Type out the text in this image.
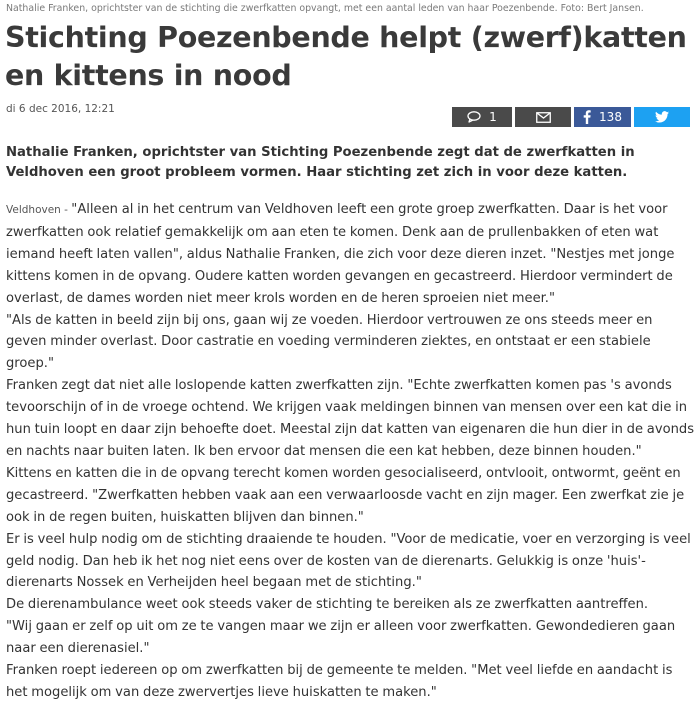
Nathalie Franken, oprichtster van de stichting die zwerfkatten opvangt, met een aantal leden van haar Poezenbende. Foto: Bert Jansen.
Stichting Poezenbende helpt (zwerf)katten en kittens in nood
di 6 dec 2016, 12:21
1	138

Nathalie Franken, oprichtster van Stichting Poezenbende zegt dat de zwerfkatten in Veldhoven een groot probleem vormen. Haar stichting zet zich in voor deze katten.

Veldhoven - "Alleen al in het centrum van Veldhoven leeft een grote groep zwerfkatten. Daar is het voor zwerfkatten ook relatief gemakkelijk om aan eten te komen. Denk aan de prullenbakken of eten wat iemand heeft laten vallen", aldus Nathalie Franken, die zich voor deze dieren inzet. "Nestjes met jonge kittens komen in de opvang. Oudere katten worden gevangen en gecastreerd. Hierdoor vermindert de overlast, de dames worden niet meer krols worden en de heren sproeien niet meer."

"Als de katten in beeld zijn bij ons, gaan wij ze voeden. Hierdoor vertrouwen ze ons steeds meer en geven minder overlast. Door castratie en voeding verminderen ziektes, en ontstaat er een stabiele groep."

Franken zegt dat niet alle loslopende katten zwerfkatten zijn. "Echte zwerfkatten komen pas 's avonds tevoorschijn of in de vroege ochtend. We krijgen vaak meldingen binnen van mensen over een kat die in hun tuin loopt en daar zijn behoefte doet. Meestal zijn dat katten van eigenaren die hun dier in de avonds en nachts naar buiten laten. Ik ben ervoor dat mensen die een kat hebben, deze binnen houden."

Kittens en katten die in de opvang terecht komen worden gesocialiseerd, ontvlooit, ontwormt, geënt en gecastreerd. "Zwerfkatten hebben vaak aan een verwaarloosde vacht en zijn mager. Een zwerfkat zie je ook in de regen buiten, huiskatten blijven dan binnen."

Er is veel hulp nodig om de stichting draaiende te houden. "Voor de medicatie, voer en verzorging is veel geld nodig. Dan heb ik het nog niet eens over de kosten van de dierenarts. Gelukkig is onze 'huis'-dierenarts Nossek en Verheijden heel begaan met de stichting."

De dierenambulance weet ook steeds vaker de stichting te bereiken als ze zwerfkatten aantreffen.

"Wij gaan er zelf op uit om ze te vangen maar we zijn er alleen voor zwerfkatten. Gewondedieren gaan naar een dierenasiel."

Franken roept iedereen op om zwerfkatten bij de gemeente te melden. "Met veel liefde en aandacht is het mogelijk om van deze zwervertjes lieve huiskatten te maken."
